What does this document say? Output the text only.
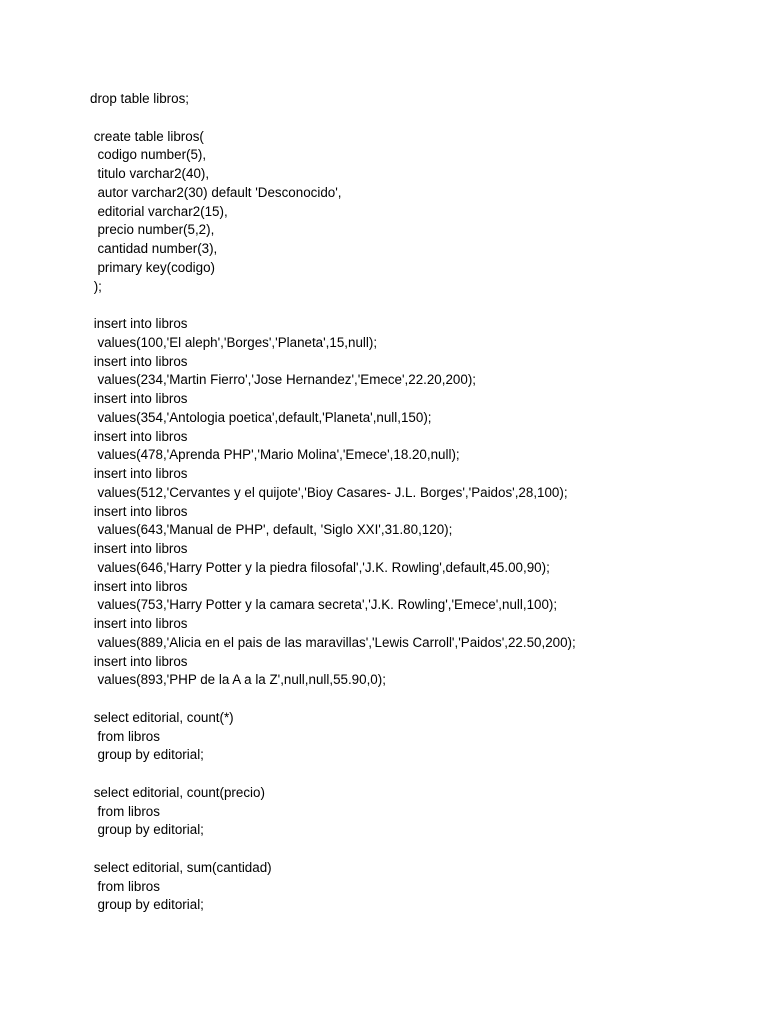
drop table libros;
create table libros(
codigo number(5),
titulo varchar2(40),
autor varchar2(30) default 'Desconocido',
editorial varchar2(15),
precio number(5,2),
cantidad number(3),
primary key(codigo)
);
insert into libros
values(100,'El aleph','Borges','Planeta',15,null);
insert into libros
values(234,'Martin Fierro','Jose Hernandez','Emece',22.20,200);
insert into libros
values(354,'Antologia poetica',default,'Planeta',null,150);
insert into libros
values(478,'Aprenda PHP','Mario Molina','Emece',18.20,null);
insert into libros
values(512,'Cervantes y el quijote','Bioy Casares- J.L. Borges','Paidos',28,100);
insert into libros
values(643,'Manual de PHP', default, 'Siglo XXI',31.80,120);
insert into libros
values(646,'Harry Potter y la piedra filosofal','J.K. Rowling',default,45.00,90);
insert into libros
values(753,'Harry Potter y la camara secreta','J.K. Rowling','Emece',null,100);
insert into libros
values(889,'Alicia en el pais de las maravillas','Lewis Carroll','Paidos',22.50,200);
insert into libros
values(893,'PHP de la A a la Z',null,null,55.90,0);
select editorial, count(*)
from libros
group by editorial;
select editorial, count(precio)
from libros
group by editorial;
select editorial, sum(cantidad)
from libros
group by editorial;
